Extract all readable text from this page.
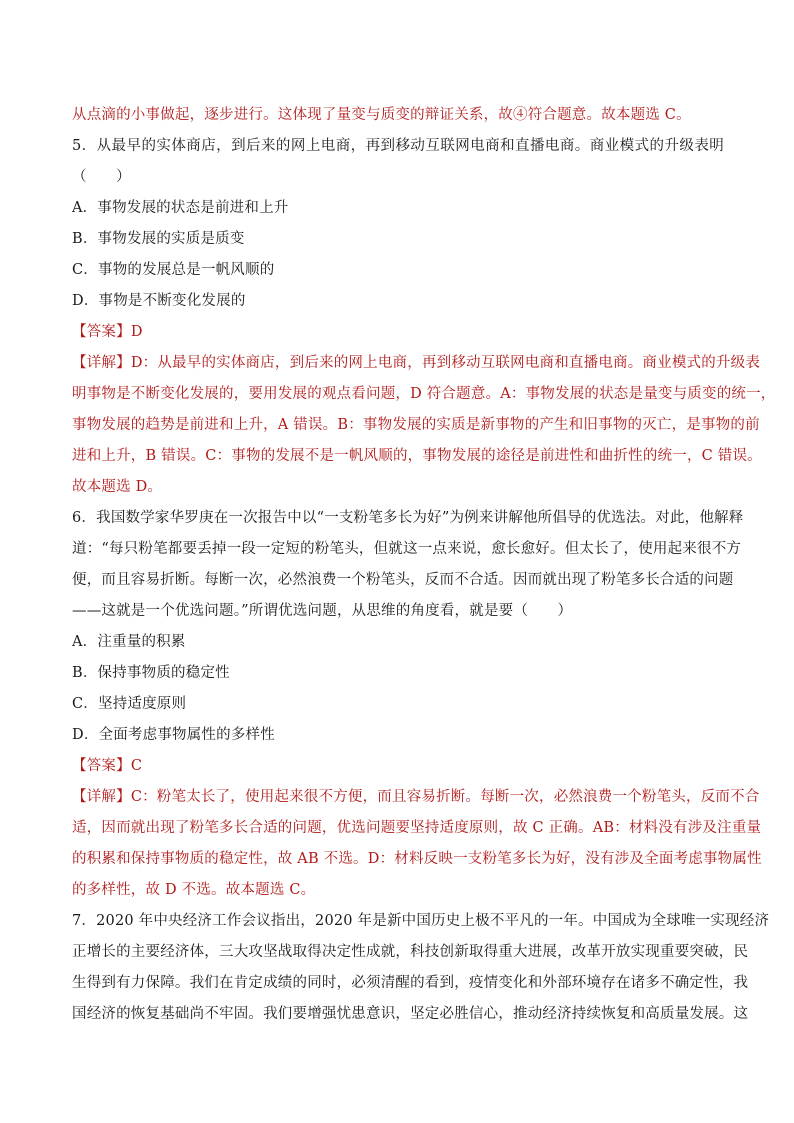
从点滴的小事做起，逐步进行。这体现了量变与质变的辩证关系，故④符合题意。故本题选 C。
5．从最早的实体商店，到后来的网上电商，再到移动互联网电商和直播电商。商业模式的升级表明
（　　）
A．事物发展的状态是前进和上升
B．事物发展的实质是质变
C．事物的发展总是一帆风顺的
D．事物是不断变化发展的
【答案】D
【详解】D：从最早的实体商店，到后来的网上电商，再到移动互联网电商和直播电商。商业模式的升级表
明事物是不断变化发展的，要用发展的观点看问题，D 符合题意。A：事物发展的状态是量变与质变的统一，
事物发展的趋势是前进和上升，A 错误。B：事物发展的实质是新事物的产生和旧事物的灭亡，是事物的前
进和上升，B 错误。C：事物的发展不是一帆风顺的，事物发展的途径是前进性和曲折性的统一，C 错误。
故本题选 D。
6．我国数学家华罗庚在一次报告中以“一支粉笔多长为好”为例来讲解他所倡导的优选法。对此，他解释
道：“每只粉笔都要丢掉一段一定短的粉笔头，但就这一点来说，愈长愈好。但太长了，使用起来很不方
便，而且容易折断。每断一次，必然浪费一个粉笔头，反而不合适。因而就出现了粉笔多长合适的问题
——这就是一个优选问题。”所谓优选问题，从思维的角度看，就是要（　　）
A．注重量的积累
B．保持事物质的稳定性
C．坚持适度原则
D．全面考虑事物属性的多样性
【答案】C
【详解】C：粉笔太长了，使用起来很不方便，而且容易折断。每断一次，必然浪费一个粉笔头，反而不合
适，因而就出现了粉笔多长合适的问题，优选问题要坚持适度原则，故 C 正确。AB：材料没有涉及注重量
的积累和保持事物质的稳定性，故 AB 不选。D：材料反映一支粉笔多长为好，没有涉及全面考虑事物属性
的多样性，故 D 不选。故本题选 C。
7．2020 年中央经济工作会议指出，2020 年是新中国历史上极不平凡的一年。中国成为全球唯一实现经济
正增长的主要经济体，三大攻坚战取得决定性成就，科技创新取得重大进展，改革开放实现重要突破，民
生得到有力保障。我们在肯定成绩的同时，必须清醒的看到，疫情变化和外部环境存在诸多不确定性，我
国经济的恢复基础尚不牢固。我们要增强忧患意识，坚定必胜信心，推动经济持续恢复和高质量发展。这
